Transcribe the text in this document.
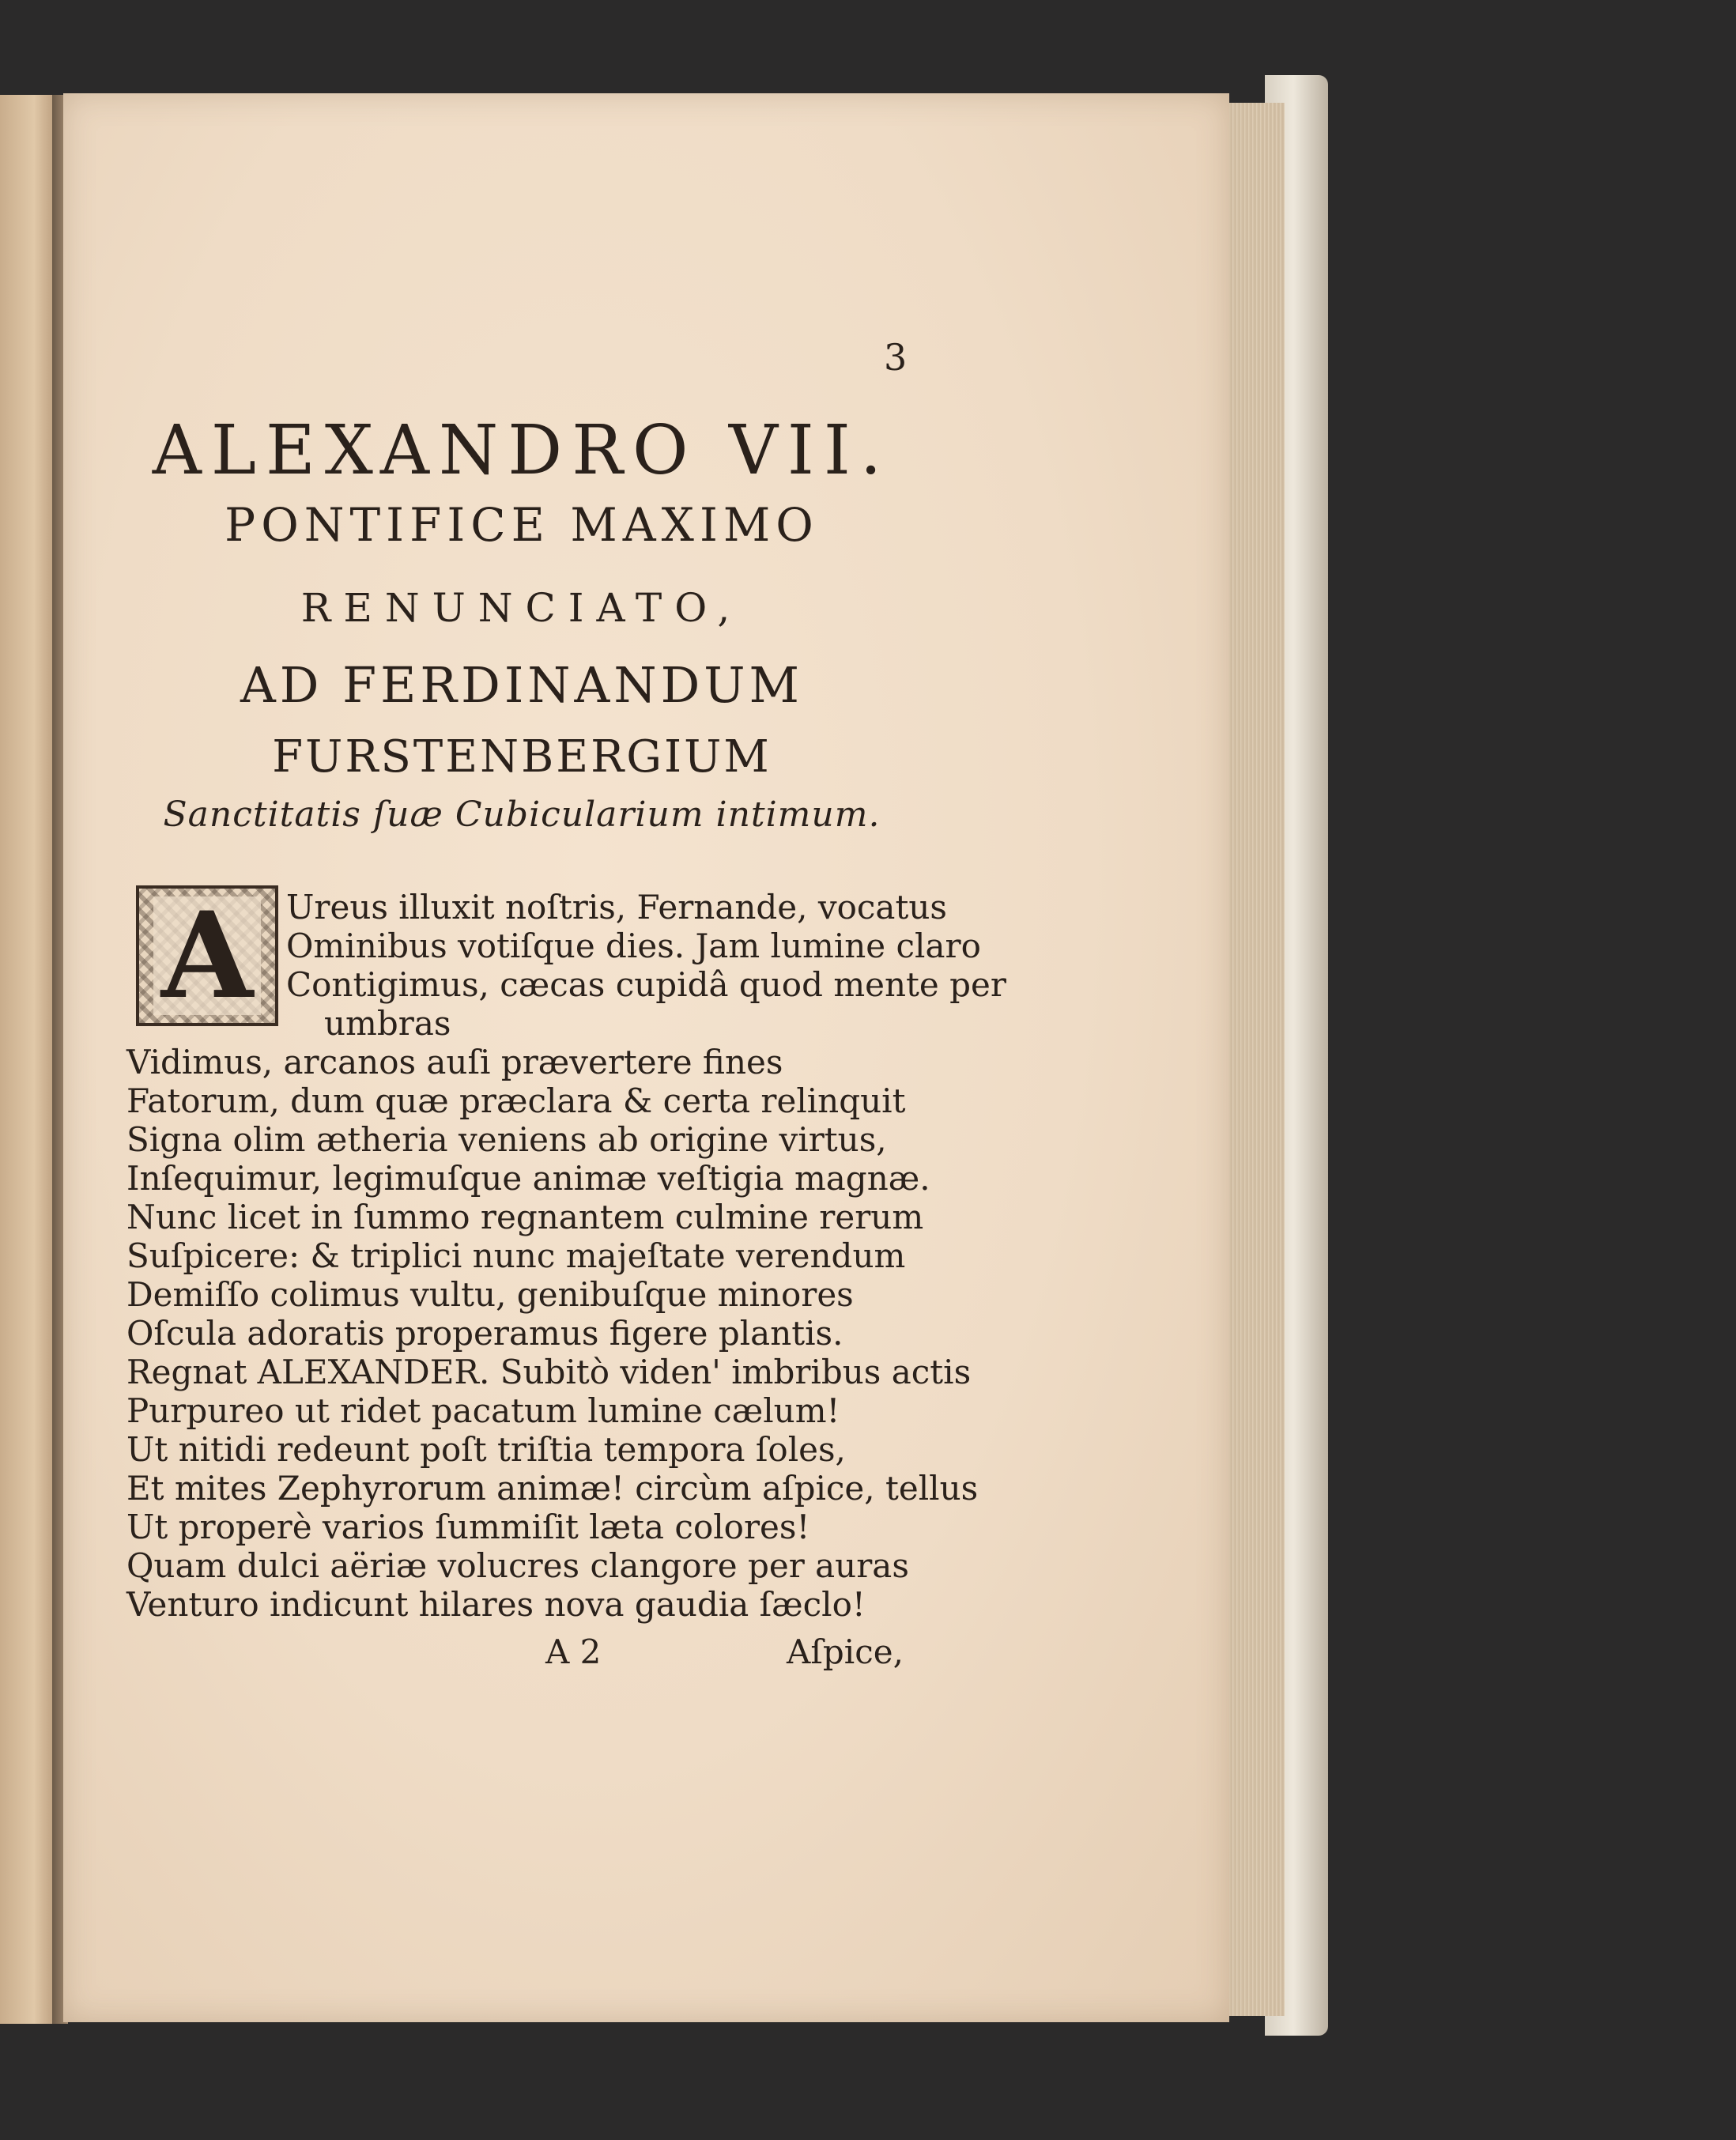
3
ALEXANDRO VII.
PONTIFICE MAXIMO
RENUNCIATO,
AD FERDINANDUM
FURSTENBERGIUM

Sanctitatis ſuæ Cubicularium intimum.

A Ureus illuxit noſtris, Fernande, vocatus
Ominibus votiſque dies. Jam lumine claro
Contigimus, cæcas cupidâ quod mente per
umbras

Vidimus, arcanos auſi prævertere fines
Fatorum, dum quæ præclara & certa relinquit
Signa olim ætheria veniens ab origine virtus,
Inſequimur, legimuſque animæ veſtigia magnæ.
Nunc licet in ſummo regnantem culmine rerum
Suſpicere: & triplici nunc majeſtate verendum
Demiſſo colimus vultu, genibuſque minores
Oſcula adoratis properamus figere plantis.
Regnat ALEXANDER. Subitò viden' imbribus actis
Purpureo ut ridet pacatum lumine cælum!
Ut nitidi redeunt poſt triſtia tempora ſoles,
Et mites Zephyrorum animæ! circùm aſpice, tellus
Ut properè varios ſummiſit læta colores!
Quam dulci aëriæ volucres clangore per auras
Venturo indicunt hilares nova gaudia ſæclo!

A 2	Aſpice,
